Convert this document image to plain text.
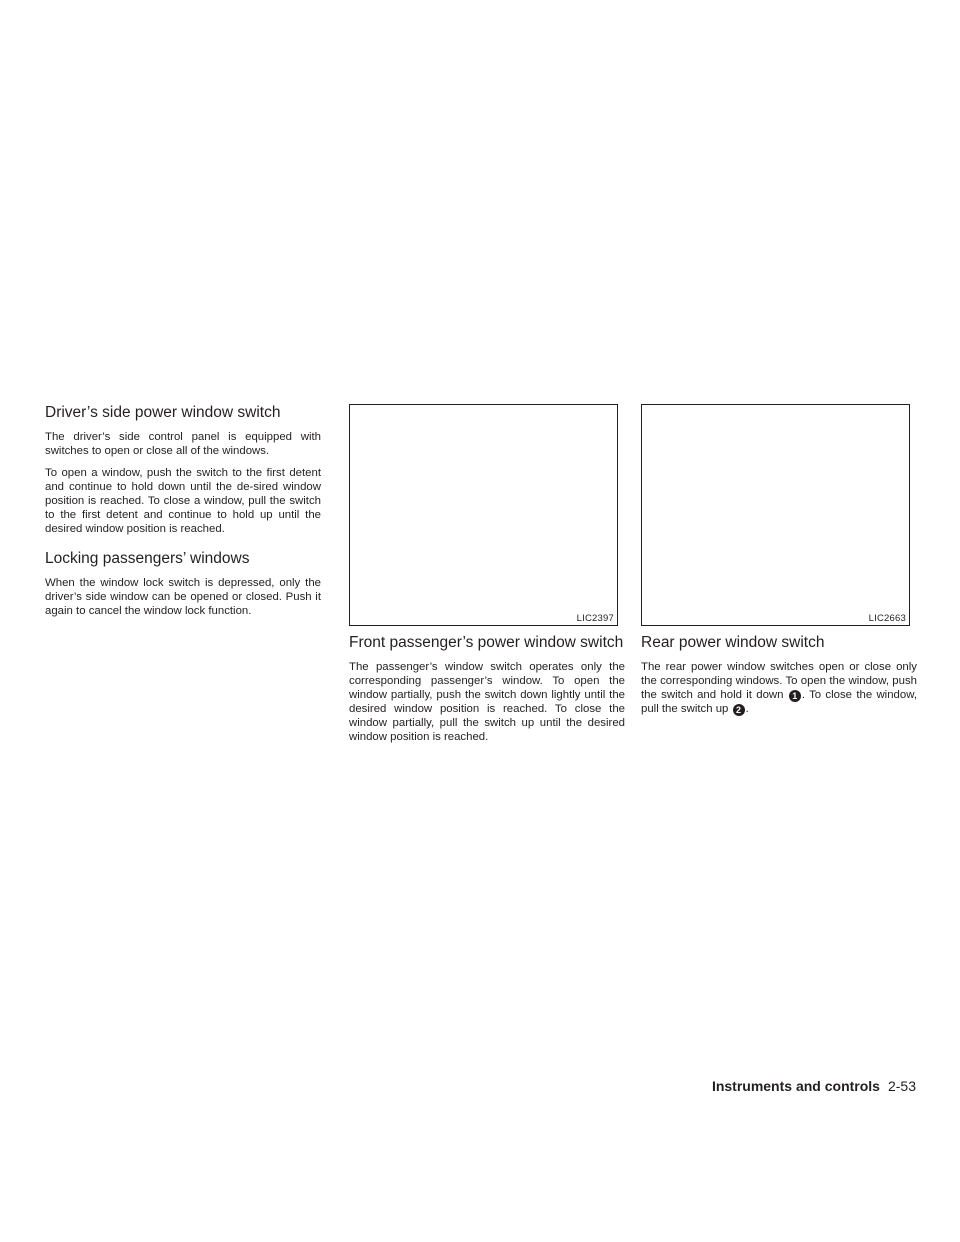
Driver’s side power window switch

The driver’s side control panel is equipped with switches to open or close all of the windows.

To open a window, push the switch to the first detent and continue to hold down until the de-sired window position is reached. To close a window, pull the switch to the first detent and continue to hold up until the desired window position is reached.

Locking passengers’ windows

When the window lock switch is depressed, only the driver’s side window can be opened or closed. Push it again to cancel the window lock function.

LIC2397
Front passenger’s power window switch

The passenger’s window switch operates only the corresponding passenger’s window. To open the window partially, push the switch down lightly until the desired window position is reached. To close the window partially, pull the switch up until the desired window position is reached.

LIC2663
Rear power window switch

The rear power window switches open or close only the corresponding windows. To open the window, push the switch and hold it down 1 . To close the window, pull the switch up 2 .

Instruments and controls 2-53
